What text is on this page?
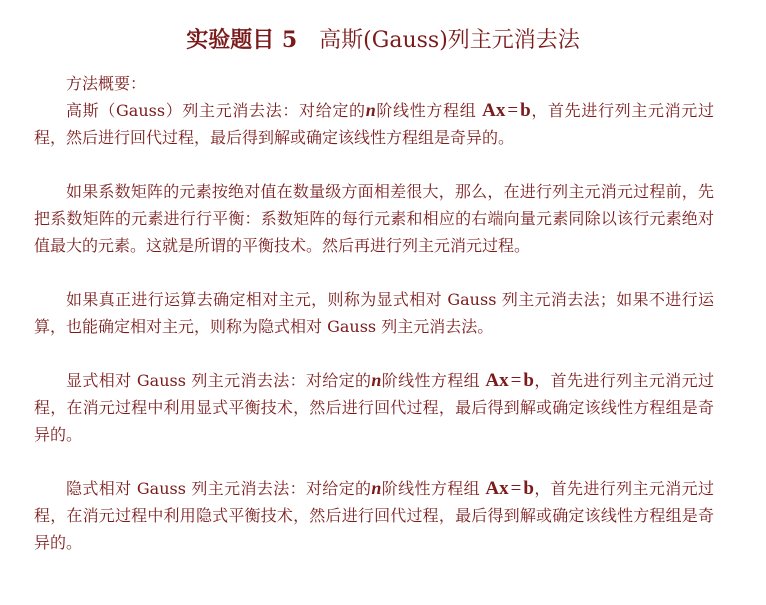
实验题目 5 高斯(Gauss)列主元消去法

方法概要：

高斯（Gauss）列主元消去法：对给定的n阶线性方程组 Ax = b，首先进行列主元消元过程，然后进行回代过程，最后得到解或确定该线性方程组是奇异的。

如果系数矩阵的元素按绝对值在数量级方面相差很大，那么，在进行列主元消元过程前，先把系数矩阵的元素进行行平衡：系数矩阵的每行元素和相应的右端向量元素同除以该行元素绝对值最大的元素。这就是所谓的平衡技术。然后再进行列主元消元过程。

如果真正进行运算去确定相对主元，则称为显式相对 Gauss 列主元消去法；如果不进行运算，也能确定相对主元，则称为隐式相对 Gauss 列主元消去法。

显式相对 Gauss 列主元消去法：对给定的n阶线性方程组 Ax = b，首先进行列主元消元过程，在消元过程中利用显式平衡技术，然后进行回代过程，最后得到解或确定该线性方程组是奇异的。

隐式相对 Gauss 列主元消去法：对给定的n阶线性方程组 Ax = b，首先进行列主元消元过程，在消元过程中利用隐式平衡技术，然后进行回代过程，最后得到解或确定该线性方程组是奇异的。
